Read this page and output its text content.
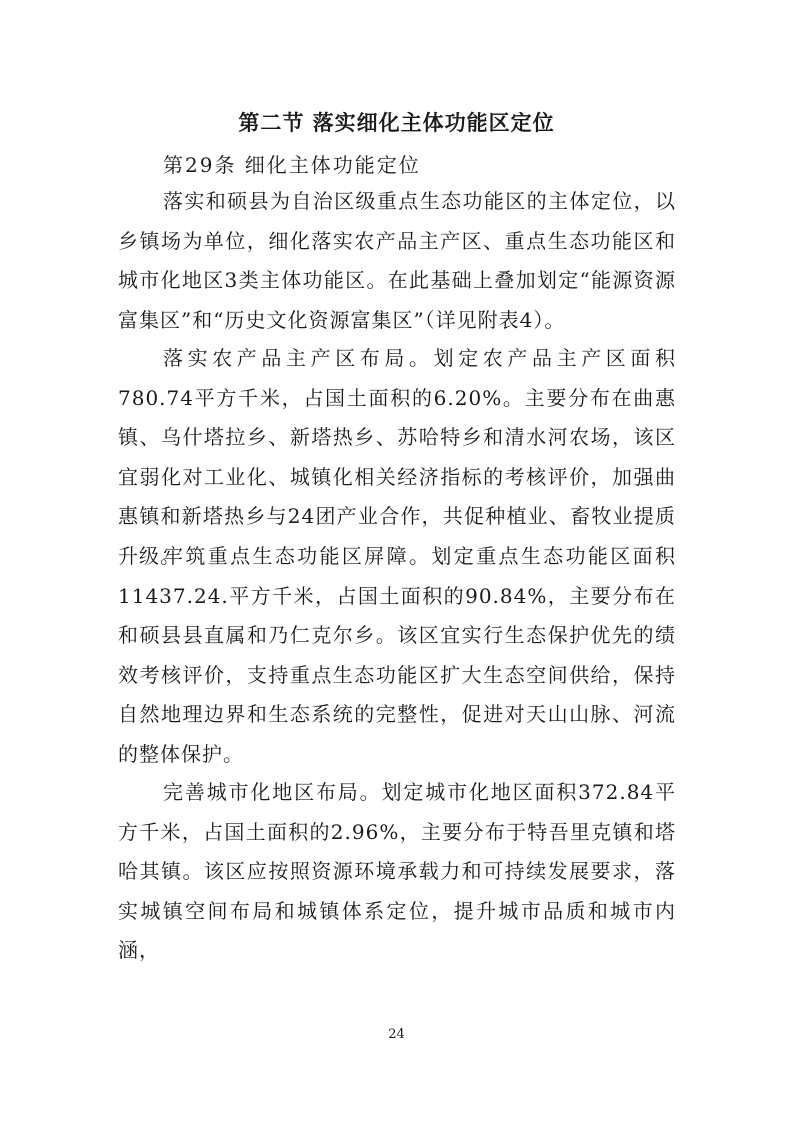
第二节 落实细化主体功能区定位
第29条 细化主体功能定位

落实和硕县为自治区级重点生态功能区的主体定位，以乡镇场为单位，细化落实农产品主产区、重点生态功能区和城市化地区3类主体功能区。在此基础上叠加划定“能源资源富集区”和“历史文化资源富集区”（详见附表4）。

落实农产品主产区布局。划定农产品主产区面积780.74平方千米，占国土面积的6.20%。主要分布在曲惠镇、乌什塔拉乡、新塔热乡、苏哈特乡和清水河农场，该区宜弱化对工业化、城镇化相关经济指标的考核评价，加强曲惠镇和新塔热乡与24团产业合作，共促种植业、畜牧业提质升级。

牢筑重点生态功能区屏障。划定重点生态功能区面积11437.24.平方千米，占国土面积的90.84%，主要分布在和硕县县直属和乃仁克尔乡。该区宜实行生态保护优先的绩效考核评价，支持重点生态功能区扩大生态空间供给，保持自然地理边界和生态系统的完整性，促进对天山山脉、河流的整体保护。

完善城市化地区布局。划定城市化地区面积372.84平方千米，占国土面积的2.96%，主要分布于特吾里克镇和塔哈其镇。该区应按照资源环境承载力和可持续发展要求，落实城镇空间布局和城镇体系定位，提升城市品质和城市内涵，

24
